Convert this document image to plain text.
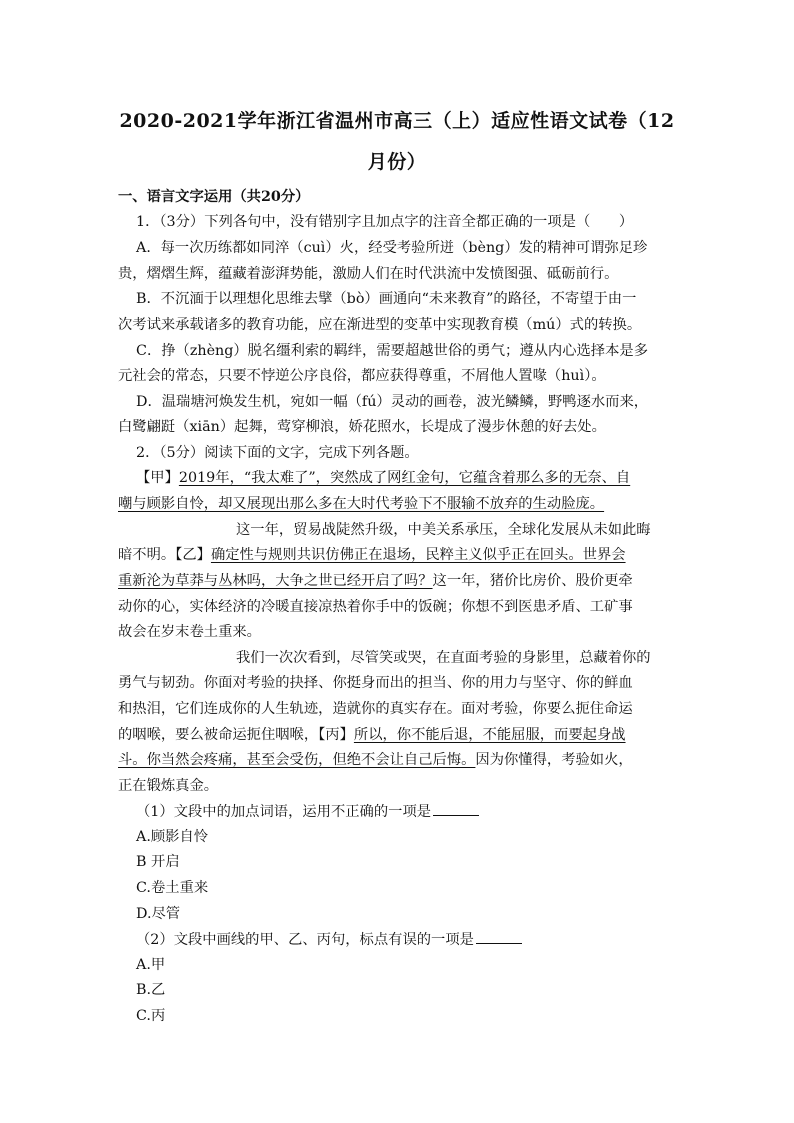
2020-2021学年浙江省温州市高三（上）适应性语文试卷（12
月份）
一、语言文字运用（共20分）
1．（3分）下列各句中，没有错别字且加点字的注音全都正确的一项是（　　）
A．每一次历练都如同淬（cuì）火，经受考验所迸（bèng）发的精神可谓弥足珍
贵，熠熠生辉，蕴藏着澎湃势能，激励人们在时代洪流中发愤图强、砥砺前行。
B．不沉湎于以理想化思维去擘（bò）画通向“未来教育”的路径，不寄望于由一
次考试来承载诸多的教育功能，应在渐进型的变革中实现教育模（mú）式的转换。
C．挣（zhèng）脱名缰利索的羁绊，需要超越世俗的勇气；遵从内心选择本是多
元社会的常态，只要不悖逆公序良俗，都应获得尊重，不屑他人置喙（huì）。
D．温瑞塘河焕发生机，宛如一幅（fú）灵动的画卷，波光鳞鳞，野鸭逐水而来，
白鹭翩跹（xiān）起舞，莺穿柳浪，娇花照水，长堤成了漫步休憩的好去处。
2．（5分）阅读下面的文字，完成下列各题。
【甲】2019年，“我太难了”，突然成了网红金句，它蕴含着那么多的无奈、自
嘲与顾影自怜，却又展现出那么多在大时代考验下不服输不放弃的生动脸庞。
这一年，贸易战陡然升级，中美关系承压，全球化发展从未如此晦
暗不明。【乙】确定性与规则共识仿佛正在退场，民粹主义似乎正在回头。世界会
重新沦为草莽与丛林吗，大争之世已经开启了吗？这一年，猪价比房价、股价更牵
动你的心，实体经济的冷暖直接凉热着你手中的饭碗；你想不到医患矛盾、工矿事
故会在岁末卷土重来。
我们一次次看到，尽管笑或哭，在直面考验的身影里，总藏着你的
勇气与韧劲。你面对考验的抉择、你挺身而出的担当、你的用力与坚守、你的鲜血
和热泪，它们连成你的人生轨迹，造就你的真实存在。面对考验，你要么扼住命运
的咽喉，要么被命运扼住咽喉，【丙】所以，你不能后退，不能屈服，而要起身战
斗。你当然会疼痛，甚至会受伤，但绝不会让自己后悔。因为你懂得，考验如火，
正在锻炼真金。
（1）文段中的加点词语，运用不正确的一项是
A.顾影自怜
B 开启
C.卷土重来
D.尽管
（2）文段中画线的甲、乙、丙句，标点有误的一项是
A.甲
B.乙
C.丙
